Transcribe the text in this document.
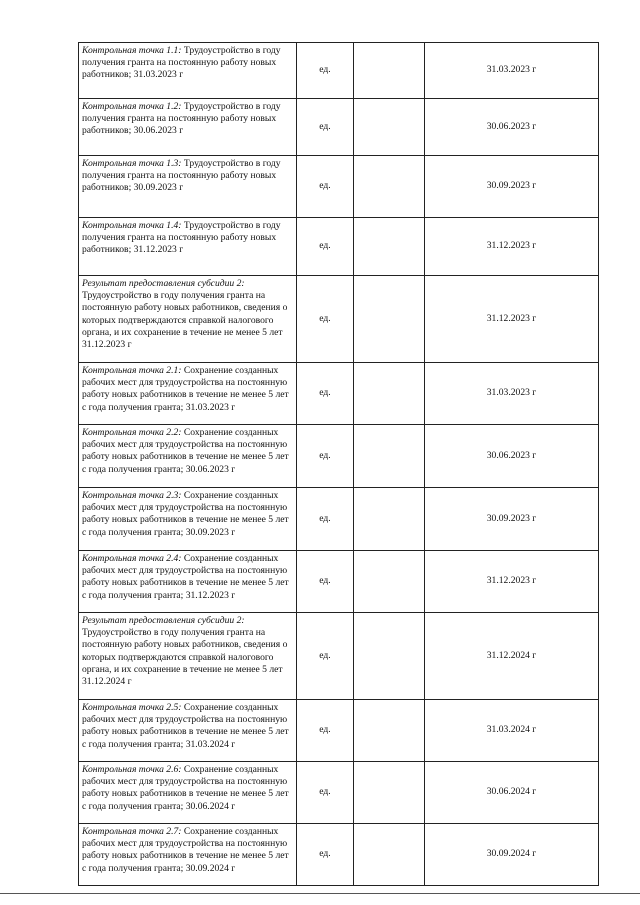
Контрольная точка 1.1: Трудоустройство в году получения гранта на постоянную работу новых работников; 31.03.2023 г	ед.		31.03.2023 г
Контрольная точка 1.2: Трудоустройство в году получения гранта на постоянную работу новых работников; 30.06.2023 г	ед.		30.06.2023 г
Контрольная точка 1.3: Трудоустройство в году получения гранта на постоянную работу новых работников; 30.09.2023 г	ед.		30.09.2023 г
Контрольная точка 1.4: Трудоустройство в году получения гранта на постоянную работу новых работников; 31.12.2023 г	ед.		31.12.2023 г
Результат предоставления субсидии 2: Трудоустройство в году получения гранта на постоянную работу новых работников, сведения о которых подтверждаются справкой налогового органа, и их сохранение в течение не менее 5 лет 31.12.2023 г	ед.		31.12.2023 г
Контрольная точка 2.1: Сохранение созданных рабочих мест для трудоустройства на постоянную работу новых работников в течение не менее 5 лет с года получения гранта; 31.03.2023 г	ед.		31.03.2023 г
Контрольная точка 2.2: Сохранение созданных рабочих мест для трудоустройства на постоянную работу новых работников в течение не менее 5 лет с года получения гранта; 30.06.2023 г	ед.		30.06.2023 г
Контрольная точка 2.3: Сохранение созданных рабочих мест для трудоустройства на постоянную работу новых работников в течение не менее 5 лет с года получения гранта; 30.09.2023 г	ед.		30.09.2023 г
Контрольная точка 2.4: Сохранение созданных рабочих мест для трудоустройства на постоянную работу новых работников в течение не менее 5 лет с года получения гранта; 31.12.2023 г	ед.		31.12.2023 г
Результат предоставления субсидии 2: Трудоустройство в году получения гранта на постоянную работу новых работников, сведения о которых подтверждаются справкой налогового органа, и их сохранение в течение не менее 5 лет 31.12.2024 г	ед.		31.12.2024 г
Контрольная точка 2.5: Сохранение созданных рабочих мест для трудоустройства на постоянную работу новых работников в течение не менее 5 лет с года получения гранта; 31.03.2024 г	ед.		31.03.2024 г
Контрольная точка 2.6: Сохранение созданных рабочих мест для трудоустройства на постоянную работу новых работников в течение не менее 5 лет с года получения гранта; 30.06.2024 г	ед.		30.06.2024 г
Контрольная точка 2.7: Сохранение созданных рабочих мест для трудоустройства на постоянную работу новых работников в течение не менее 5 лет с года получения гранта; 30.09.2024 г	ед.		30.09.2024 г
